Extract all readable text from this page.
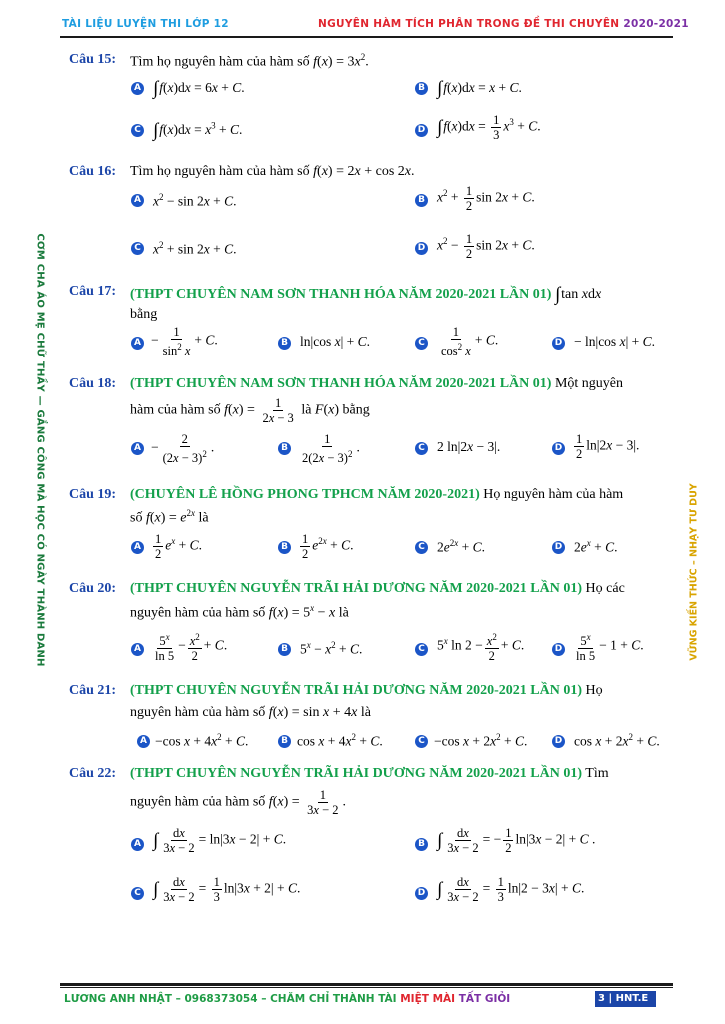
TÀI LIỆU LUYỆN THI LỚP 12	NGUYÊN HÀM TÍCH PHÂN TRONG ĐỀ THI CHUYÊN 2020-2021
CƠM CHA ÁO MẸ CHỮ THẦY — GẮNG CÔNG MÀ HỌC CÓ NGÀY THÀNH DANH	VỮNG KIẾN THỨC – NHẠY TƯ DUY
Câu 15: Tìm họ nguyên hàm của hàm số $f(x) = 3x^2$.
A ∫f(x)dx = 6x + C.	B ∫f(x)dx = x + C.
C $\int f(x)dx = x^3 + C$.	D $\int f(x)dx = \frac{1}{3} x^3 + C$.
Câu 16: Tìm họ nguyên hàm của hàm số f(x) = 2x + cos 2x.
A $x^2 - \sin 2x + C$.	B $x^2 + \frac{1}{2}$ sin 2x + C.
C $x^2 + \sin 2x + C$.	D $x^2 - \frac{1}{2}$ sin 2x + C.
Câu 17: (THPT CHUYÊN NAM SƠN THANH HÓA NĂM 2020-2021 LẦN 01) ∫tan xdx
bằng
$A - \frac{1}{\sin^2 x} + C$.	B ln|cos x| + C.	C $\frac{1}{\cos^2 x} + C$.	D − ln|cos x| + C.
Câu 18: (THPT CHUYÊN NAM SƠN THANH HÓA NĂM 2020-2021 LẦN 01) Một nguyên
hàm của hàm số $f(x) = \frac{1}{2x - 3}$ là F(x) bằng
$A - \frac{2}{(2x - 3)^2}$ .	B $\frac{1}{2(2x - 3)^2}$ .	C 2 ln|2x − 3|.	D $\frac{1}{2} \ln|2x - 3|$.
Câu 19: (CHUYÊN LÊ HỒNG PHONG TPHCM NĂM 2020-2021) Họ nguyên hàm của hàm
số $f(x) = e^{2x}$ là
A $\frac{1}{2} e^x + C$.	B $\frac{1}{2} e^{2x} + C$.	C $2e^{2x} + C$.	D $2e^x + C$.
Câu 20: (THPT CHUYÊN NGUYỄN TRÃI HẢI DƯƠNG NĂM 2020-2021 LẦN 01) Họ các
nguyên hàm của hàm số $f(x) = 5^x - x$ là
A $\frac{5^x}{\ln 5} - \frac{x^2}{2} + C$.	B $5^x - x^2 + C$.	C 5$^x$ $\ln 2 - \frac{x^2}{2} + C$.	D $\frac{5^x}{\ln 5} - 1 + C$.
Câu 21: (THPT CHUYÊN NGUYỄN TRÃI HẢI DƯƠNG NĂM 2020-2021 LẦN 01) Họ
nguyên hàm của hàm số f(x) = sin x + 4x là
A −cos $x + 4x^2 + C$.	B $\cos x + 4x^2 + C$.	C −cos $x + 2x^2 + C$.	D $\cos x + 2x^2 + C$.
Câu 22: (THPT CHUYÊN NGUYỄN TRÃI HẢI DƯƠNG NĂM 2020-2021 LẦN 01) Tìm
nguyên hàm của hàm số $f(x) = \frac{1}{3x - 2}$ .
A ∫ $\frac{dx}{3x - 2} = \ln|3x - 2| + C$.	B ∫ $\frac{dx}{3x - 2}$ = − $\frac{1}{2} \ln|3x - 2| + C$ .
C ∫ $\frac{dx}{3x - 2} = \frac{1}{3} \ln|3x + 2| + C$.	D ∫ $\frac{dx}{3x - 2} = \frac{1}{3} \ln|2 - 3x| + C$.
LƯƠNG ANH NHẬT – 0968373054 – CHĂM CHỈ THÀNH TÀI MIỆT MÀI TẤT GIỎI	3 | HNT.E
